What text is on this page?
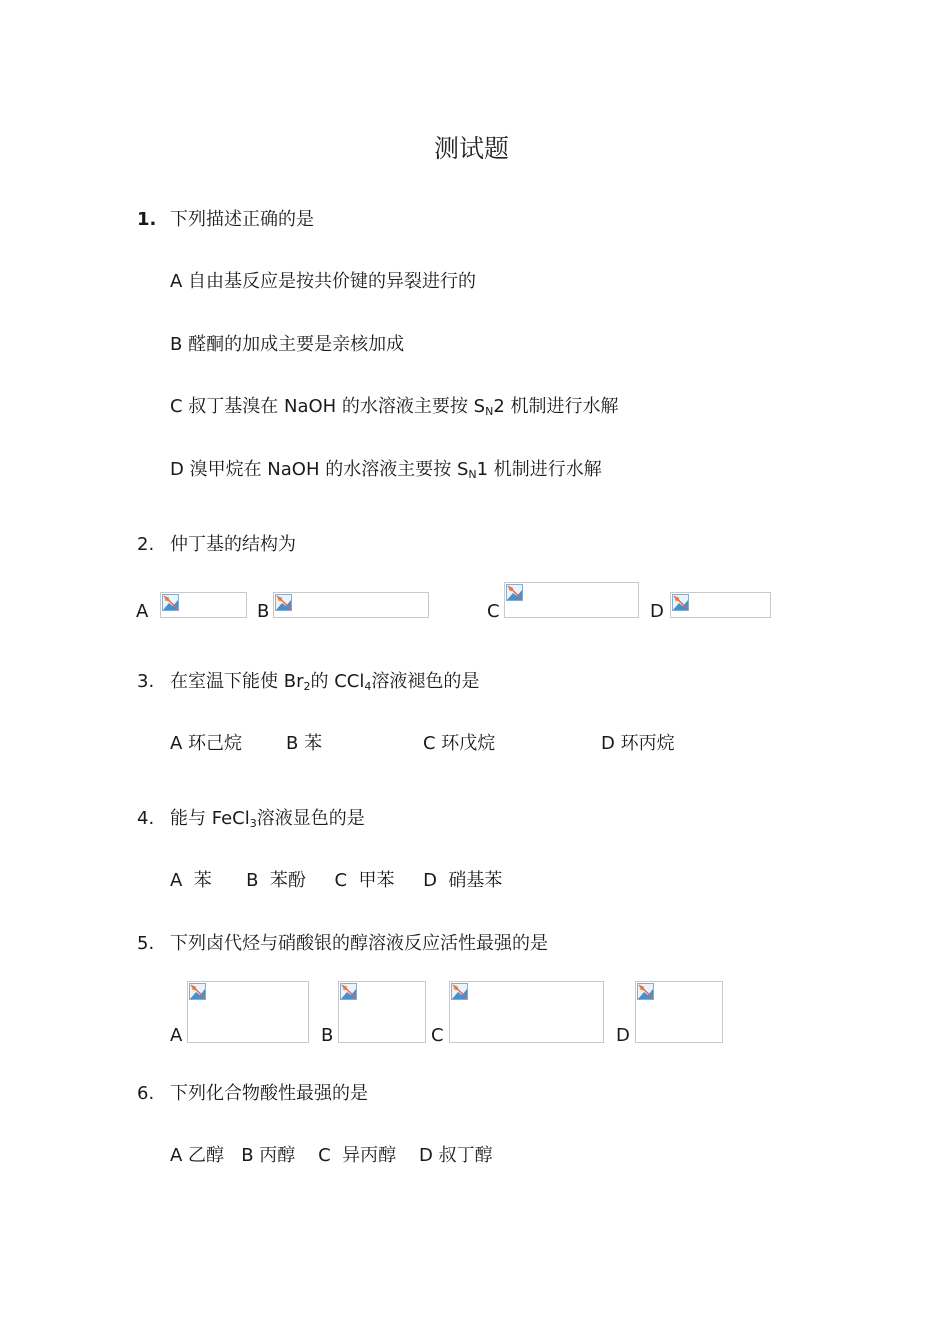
测试题
1. 下列描述正确的是
A 自由基反应是按共价键的异裂进行的
B 醛酮的加成主要是亲核加成
C 叔丁基溴在 NaOH 的水溶液主要按 $S_N2$ 机制进行水解
D 溴甲烷在 NaOH 的水溶液主要按 $S_N1$ 机制进行水解
2. 仲丁基的结构为
A	B	C	D
3. 在室温下能使 $Br_2$的 CCl$_4$溶液褪色的是
A 环己烷 B 苯	C 环戊烷	D 环丙烷
4. 能与 FeCl$_3$溶液显色的是
A  苯      B  苯酚     C  甲苯     D  硝基苯
5. 下列卤代烃与硝酸银的醇溶液反应活性最强的是
A	B	C	D
6. 下列化合物酸性最强的是
A 乙醇   B 丙醇    C  异丙醇    D 叔丁醇
